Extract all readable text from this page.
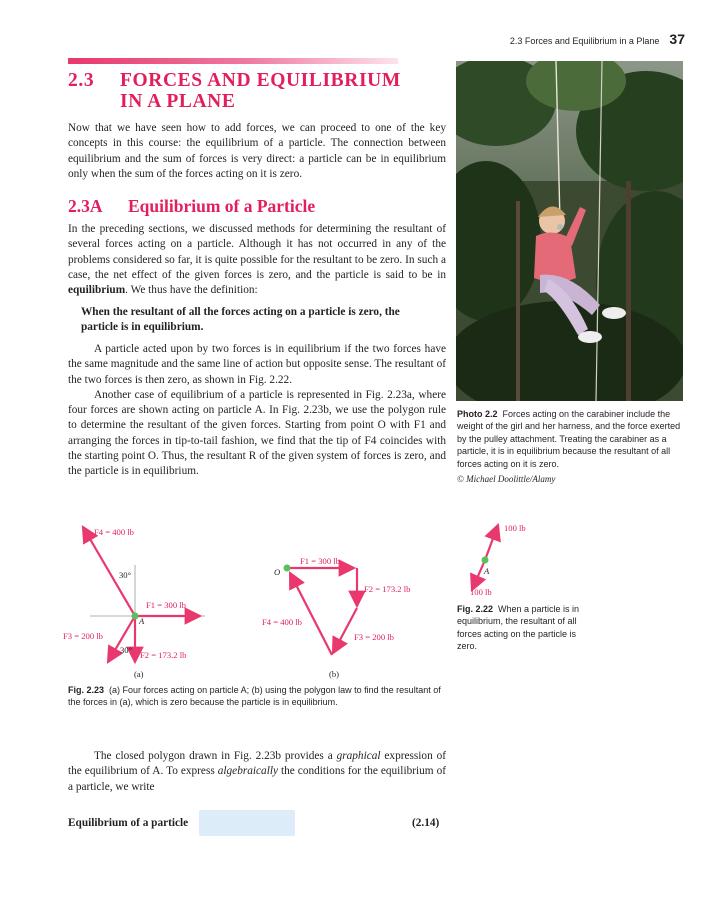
2.3 Forces and Equilibrium in a Plane 37
2.3 FORCES AND EQUILIBRIUM
IN A PLANE

Now that we have seen how to add forces, we can proceed to one of the key concepts in this course: the equilibrium of a particle. The connection between equilibrium and the sum of forces is very direct: a particle can be in equilibrium only when the sum of the forces acting on it is zero.

2.3A Equilibrium of a Particle

In the preceding sections, we discussed methods for determining the resultant of several forces acting on a particle. Although it has not occurred in any of the problems considered so far, it is quite possible for the resultant to be zero. In such a case, the net effect of the given forces is zero, and the particle is said to be in equilibrium. We thus have the definition:

When the resultant of all the forces acting on a particle is zero, the particle is in equilibrium.

A particle acted upon by two forces is in equilibrium if the two forces have the same magnitude and the same line of action but opposite sense. The resultant of the two forces is then zero, as shown in Fig. 2.22.

Another case of equilibrium of a particle is represented in Fig. 2.23a, where four forces are shown acting on particle A. In Fig. 2.23b, we use the polygon rule to determine the resultant of the given forces. Starting from point O with F1 and arranging the forces in tip-to-tail fashion, we find that the tip of F4 coincides with the starting point O. Thus, the resultant R of the given system of forces is zero, and the particle is in equilibrium.

Photo 2.2 Forces acting on the carabiner include the weight of the girl and her harness, and the force exerted by the pulley attachment. Treating the carabiner as a particle, it is in equilibrium because the resultant of all forces acting on it is zero.
© Michael Doolittle/Alamy
F4 = 400 lb
30°
F1 = 300 lb
A
F3 = 200 lb
30° F2 = 173.2 lb
(a)
O
F1 = 300 lb
F2 = 173.2 lb
F3 = 200 lb
F4 = 400 lb
(b)
Fig. 2.23 (a) Four forces acting on particle A; (b) using the polygon law to find the resultant of the forces in (a), which is zero because the particle is in equilibrium.
100 lb
A
100 lb
Fig. 2.22 When a particle is in equilibrium, the resultant of all forces acting on the particle is zero.

The closed polygon drawn in Fig. 2.23b provides a graphical expression of the equilibrium of A. To express algebraically the conditions for the equilibrium of a particle, we write

Equilibrium of a particle	(2.14)
